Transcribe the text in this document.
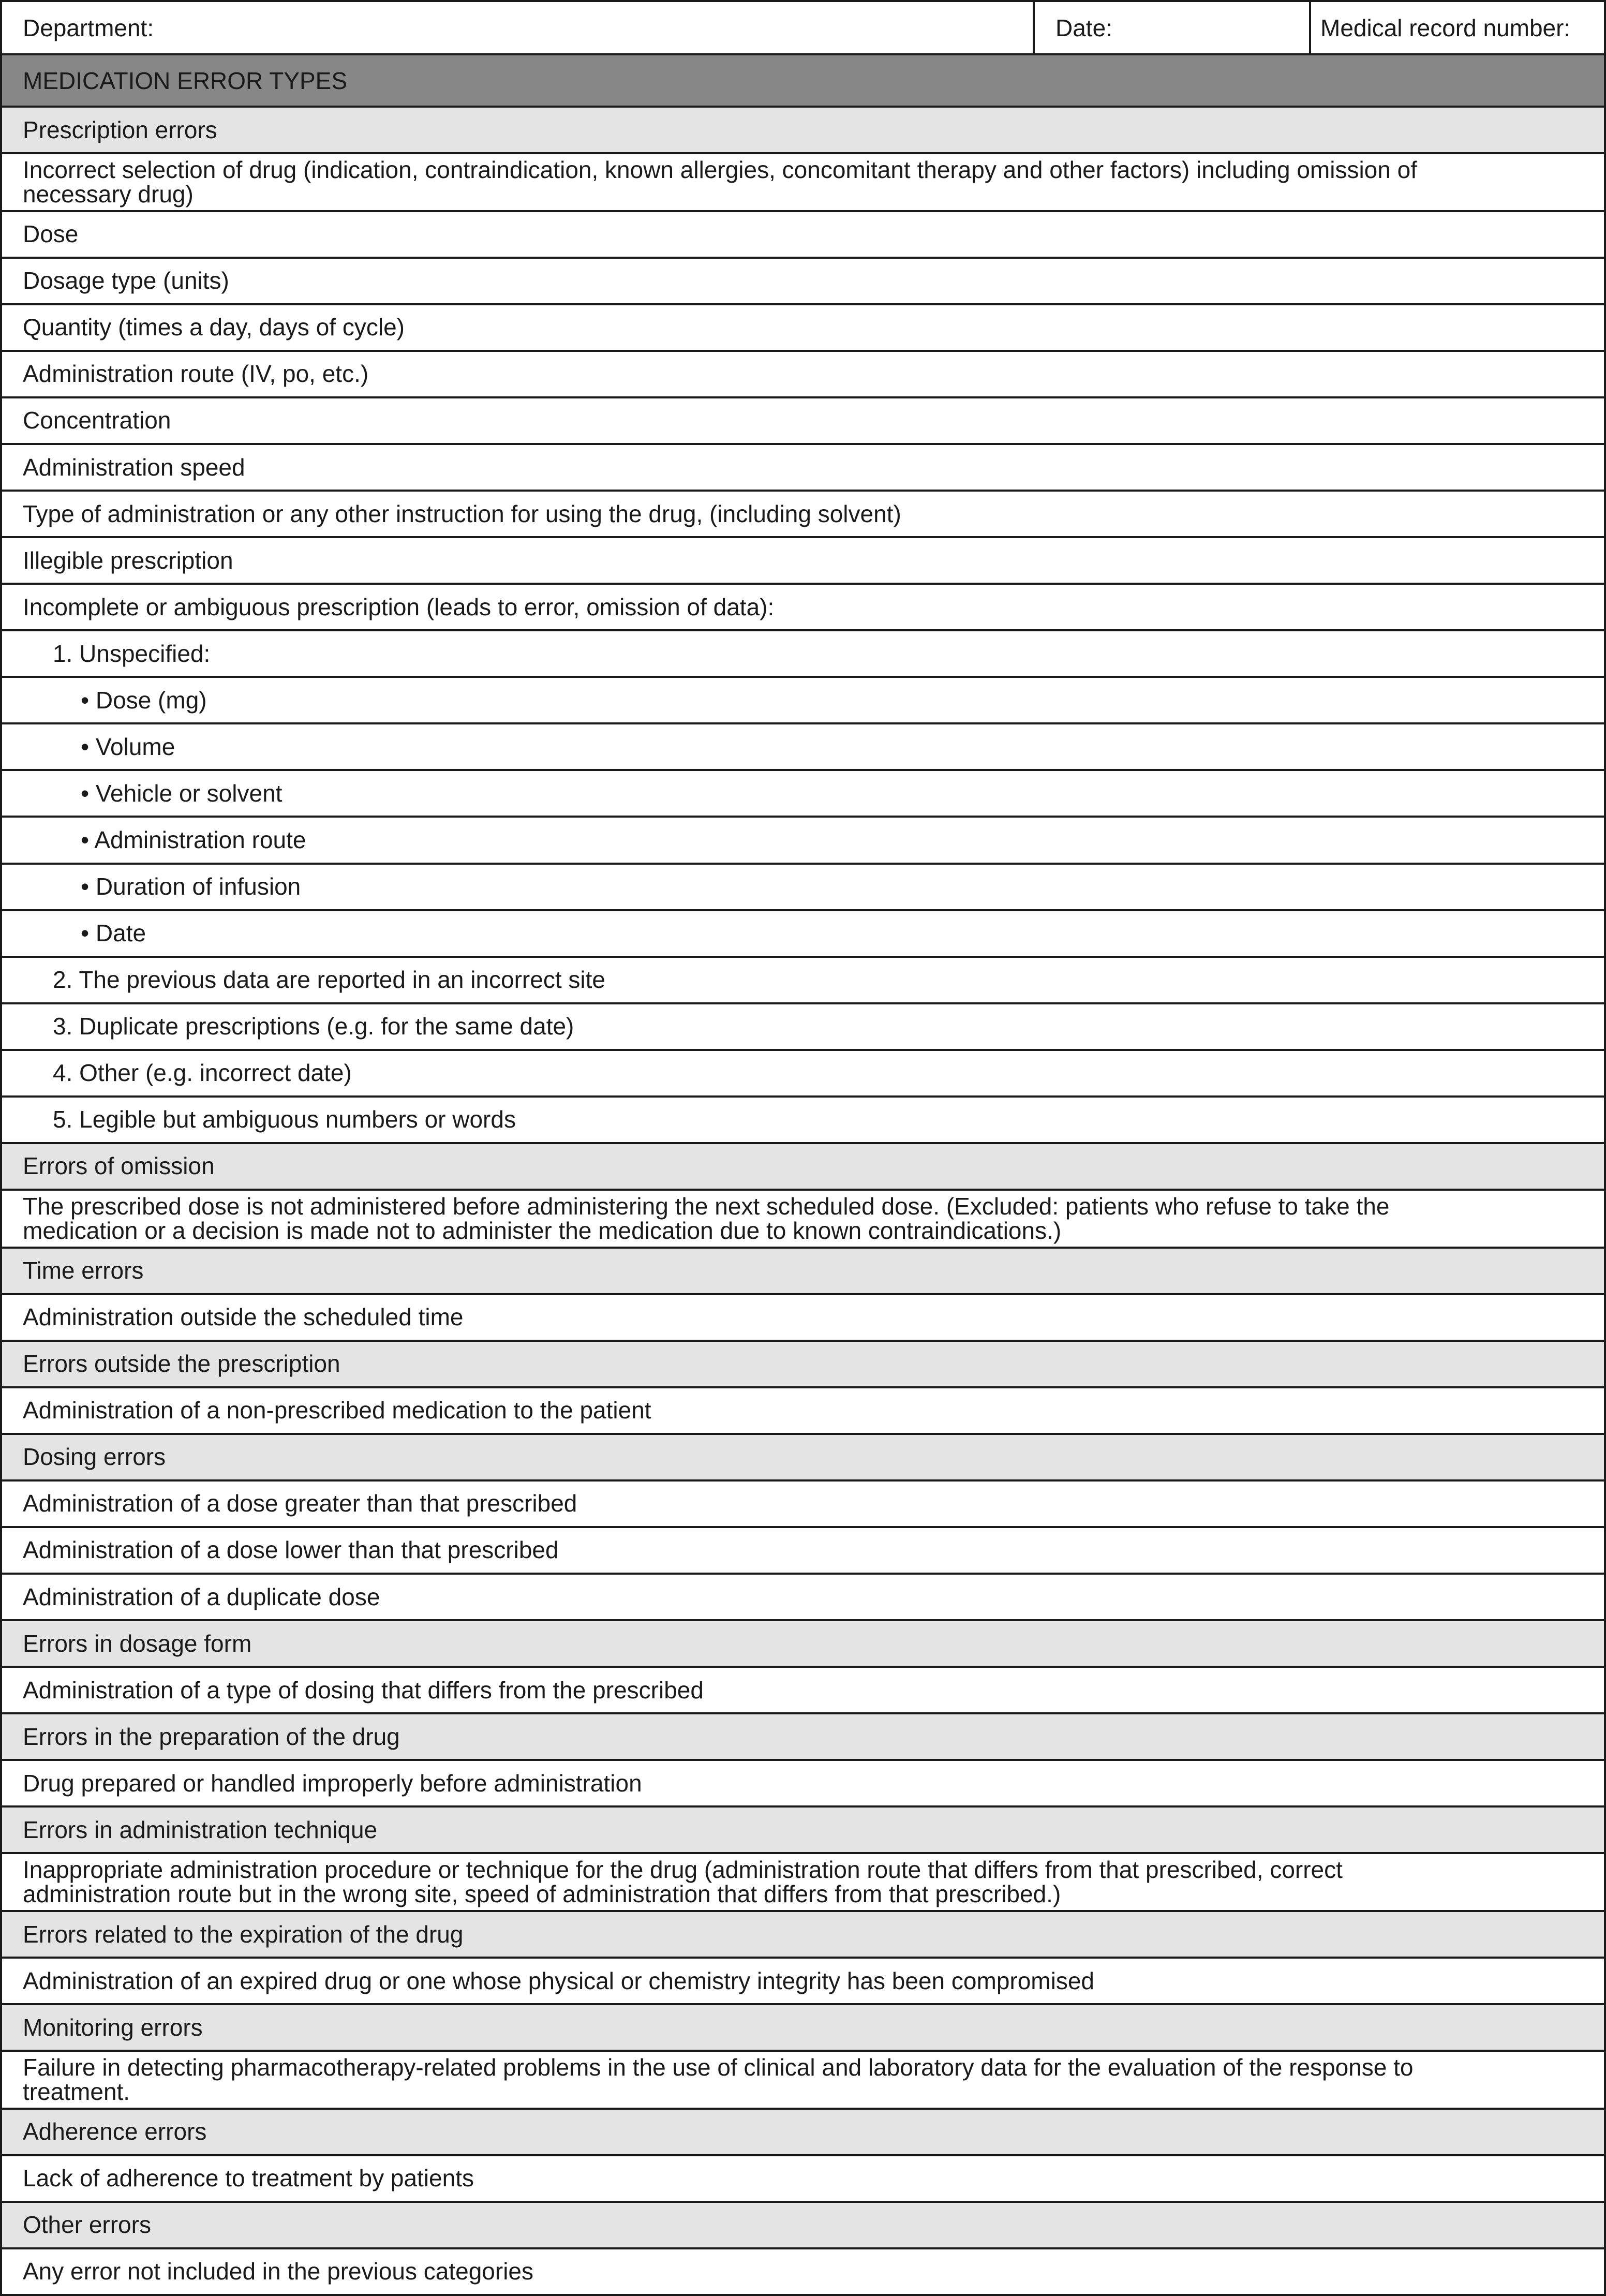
Department:	Date:	Medical record number:
MEDICATION ERROR TYPES
Prescription errors
Incorrect selection of drug (indication, contraindication, known allergies, concomitant therapy and other factors) including omission of necessary drug)
Dose
Dosage type (units)
Quantity (times a day, days of cycle)
Administration route (IV, po, etc.)
Concentration
Administration speed
Type of administration or any other instruction for using the drug, (including solvent)
Illegible prescription
Incomplete or ambiguous prescription (leads to error, omission of data):
1. Unspecified:
• Dose (mg)
• Volume
• Vehicle or solvent
• Administration route
• Duration of infusion
• Date
2. The previous data are reported in an incorrect site
3. Duplicate prescriptions (e.g. for the same date)
4. Other (e.g. incorrect date)
5. Legible but ambiguous numbers or words
Errors of omission
The prescribed dose is not administered before administering the next scheduled dose. (Excluded: patients who refuse to take the medication or a decision is made not to administer the medication due to known contraindications.)
Time errors
Administration outside the scheduled time
Errors outside the prescription
Administration of a non-prescribed medication to the patient
Dosing errors
Administration of a dose greater than that prescribed
Administration of a dose lower than that prescribed
Administration of a duplicate dose
Errors in dosage form
Administration of a type of dosing that differs from the prescribed
Errors in the preparation of the drug
Drug prepared or handled improperly before administration
Errors in administration technique
Inappropriate administration procedure or technique for the drug (administration route that differs from that prescribed, correct administration route but in the wrong site, speed of administration that differs from that prescribed.)
Errors related to the expiration of the drug
Administration of an expired drug or one whose physical or chemistry integrity has been compromised
Monitoring errors
Failure in detecting pharmacotherapy-related problems in the use of clinical and laboratory data for the evaluation of the response to treatment.
Adherence errors
Lack of adherence to treatment by patients
Other errors
Any error not included in the previous categories
